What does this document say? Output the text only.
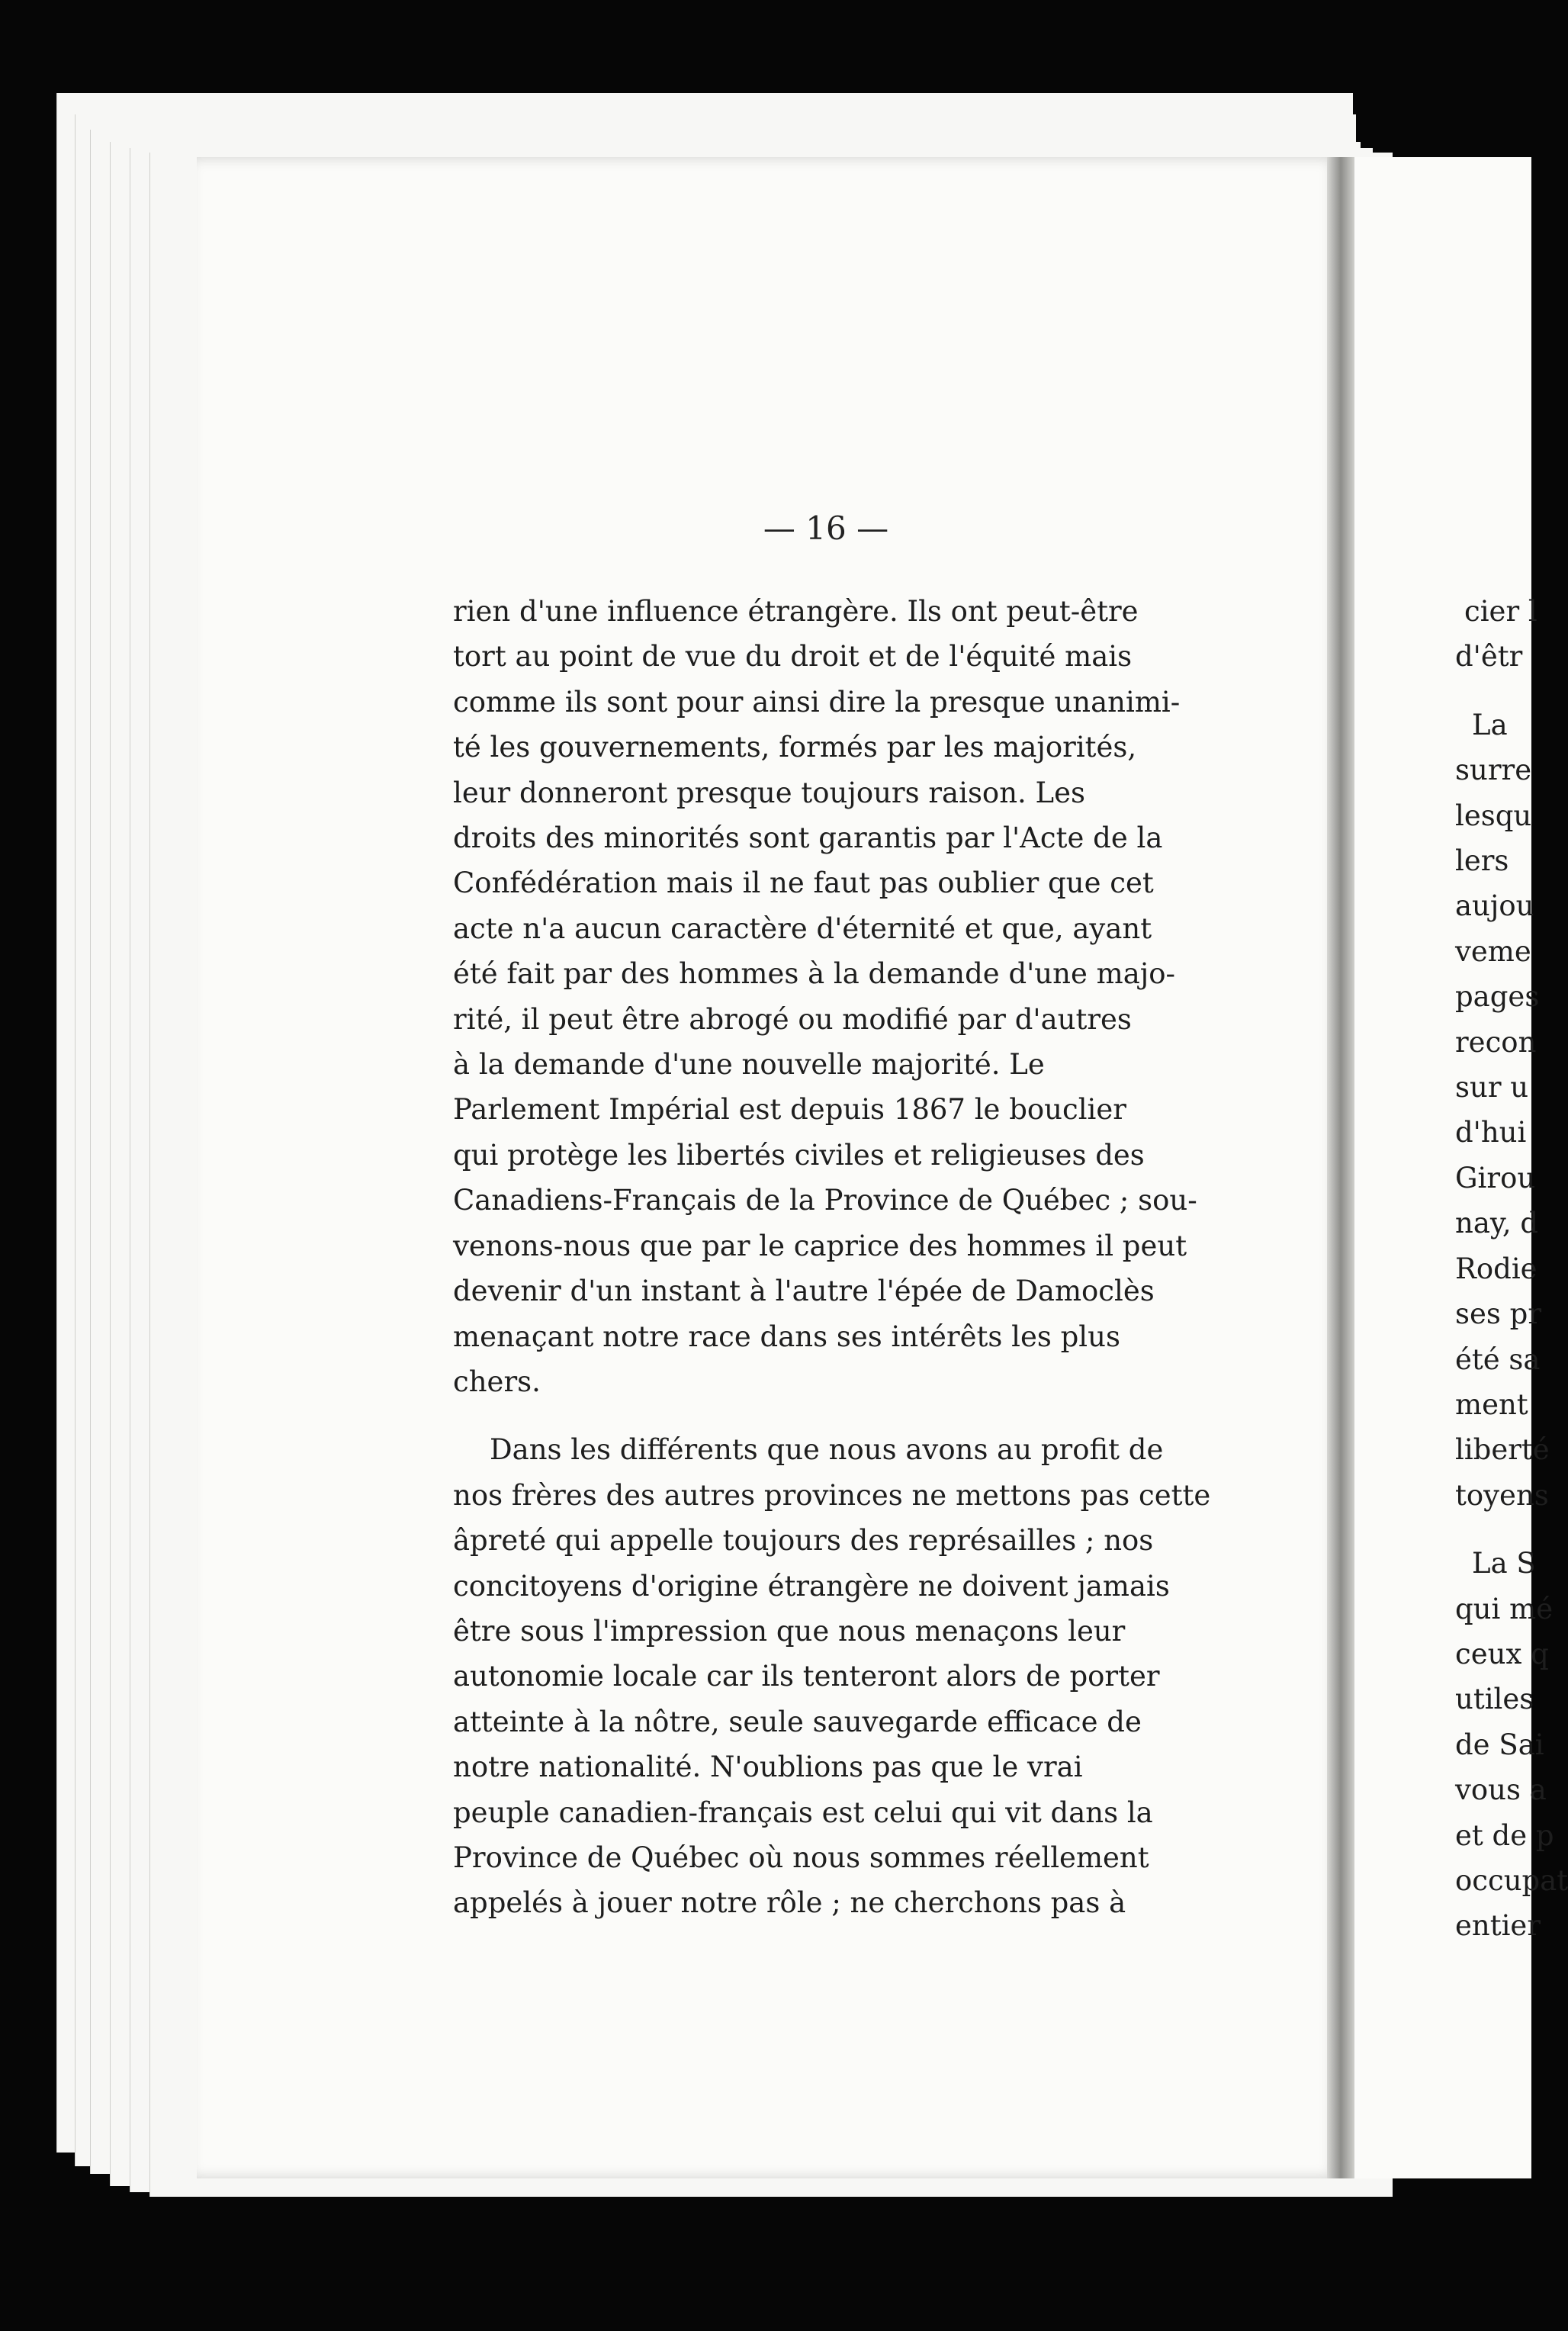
— 16 —
rien d'une influence étrangère. Ils ont peut-être
tort au point de vue du droit et de l'équité mais
comme ils sont pour ainsi dire la presque unanimi-
té les gouvernements, formés par les majorités,
leur donneront presque toujours raison. Les
droits des minorités sont garantis par l'Acte de la
Confédération mais il ne faut pas oublier que cet
acte n'a aucun caractère d'éternité et que, ayant
été fait par des hommes à la demande d'une majo-
rité, il peut être abrogé ou modifié par d'autres
à la demande d'une nouvelle majorité. Le
Parlement Impérial est depuis 1867 le bouclier
qui protège les libertés civiles et religieuses des
Canadiens-Français de la Province de Québec ; sou-
venons-nous que par le caprice des hommes il peut
devenir d'un instant à l'autre l'épée de Damoclès
menaçant notre race dans ses intérêts les plus
chers.
Dans les différents que nous avons au profit de
nos frères des autres provinces ne mettons pas cette
âpreté qui appelle toujours des représailles ; nos
concitoyens d'origine étrangère ne doivent jamais
être sous l'impression que nous menaçons leur
autonomie locale car ils tenteront alors de porter
atteinte à la nôtre, seule sauvegarde efficace de
notre nationalité. N'oublions pas que le vrai
peuple canadien-français est celui qui vit dans la
Province de Québec où nous sommes réellement
appelés à jouer notre rôle ; ne cherchons pas à
cier l
d'êtr
La
surre
lesqu
lers
aujou
veme
pages
recon
sur u
d'hui
Girou
nay, d
Rodie
ses pr
été sa
ment
liberté
toyens
La S
qui mé
ceux q
utiles
de Sai
vous a
et de p
occupat
entier
